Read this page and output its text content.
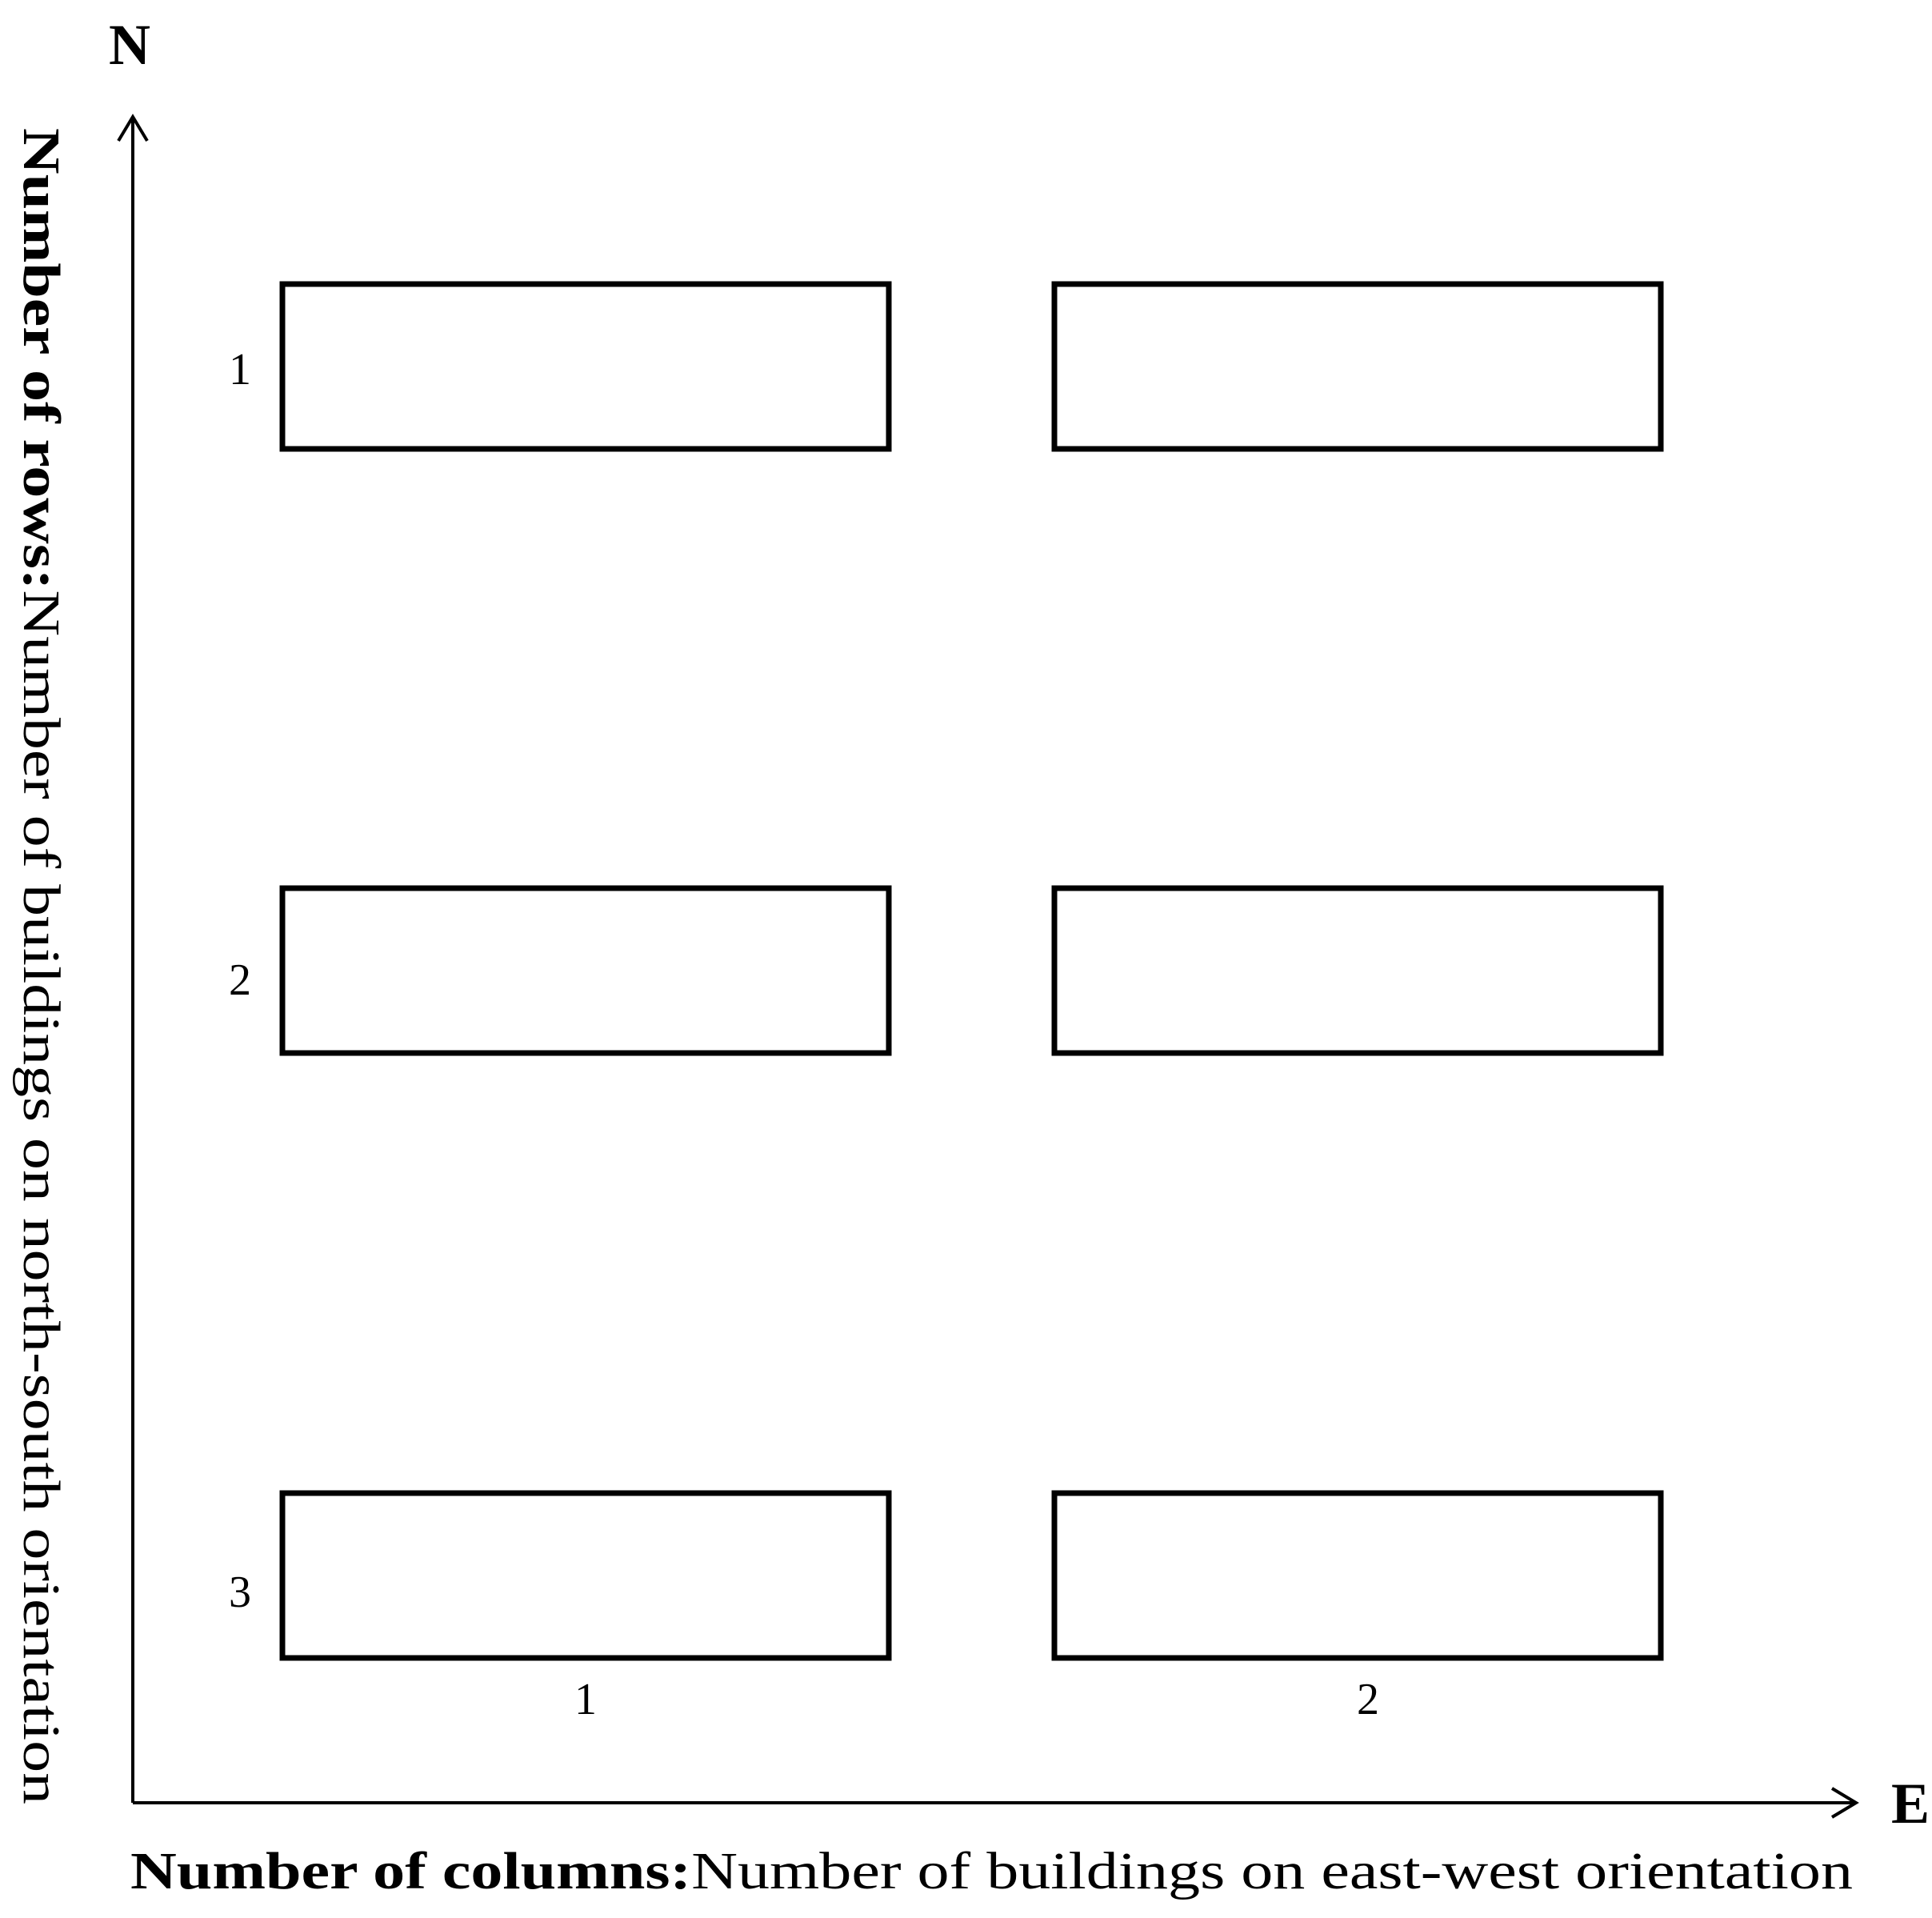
N
E
1
2
3
1	2
Number of columns: Number of buildings on east-west orientation
Number of rows:Number of buildings on north-south orientation
